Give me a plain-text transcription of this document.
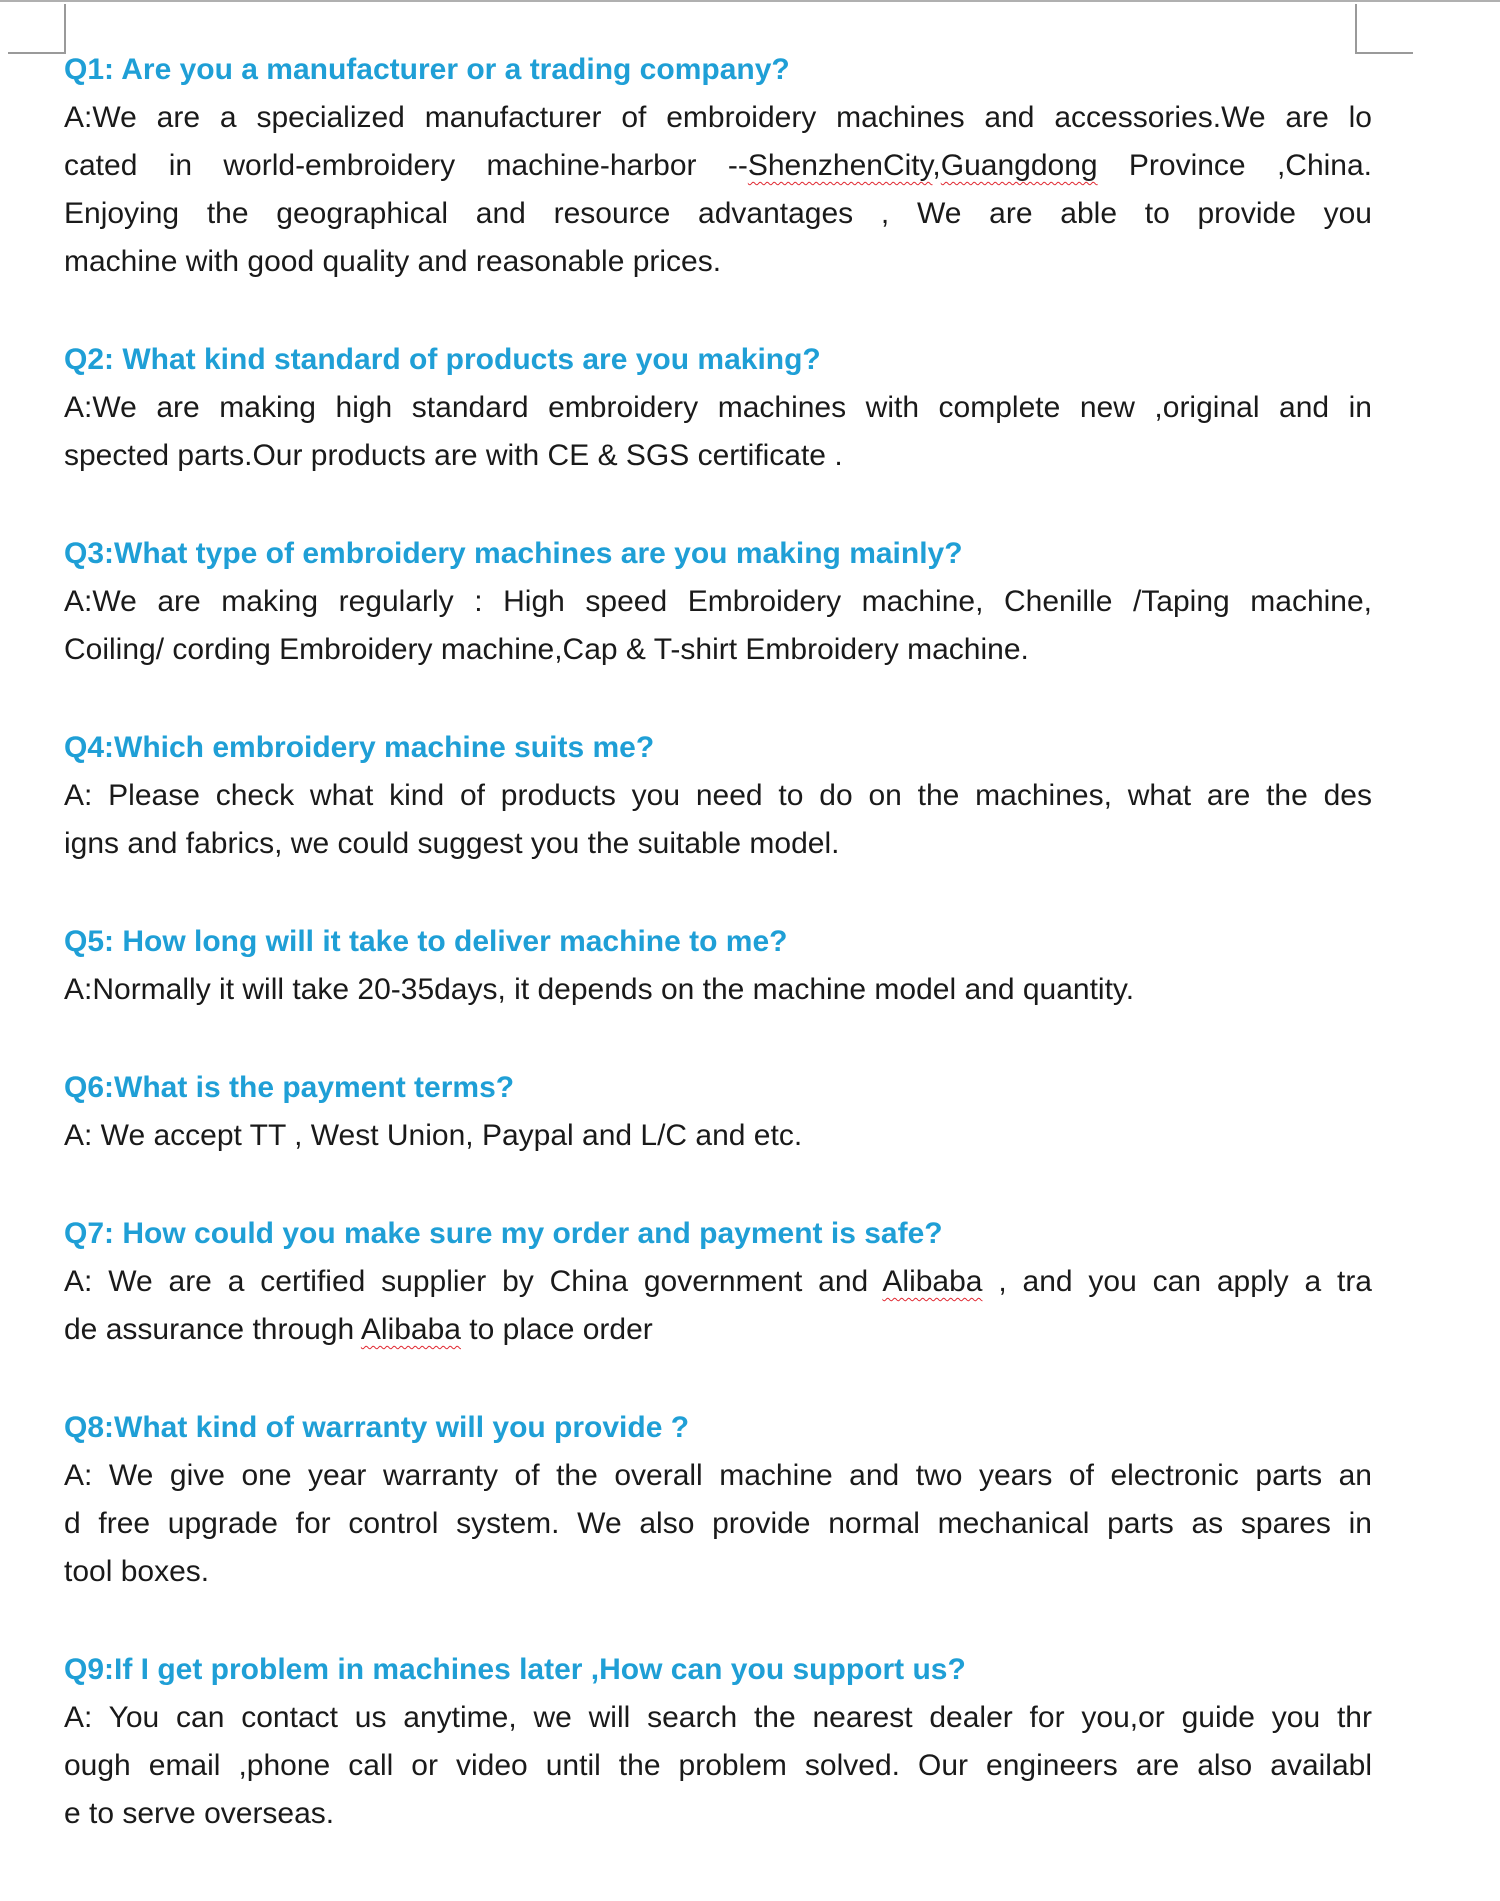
Q1: Are you a manufacturer or a trading company?
A:We are a specialized manufacturer of embroidery machines and accessories.We are lo
cated in world-embroidery machine-harbor --ShenzhenCity,Guangdong Province ,China.
Enjoying the geographical and resource advantages , We are able to provide you
machine with good quality and reasonable prices.
Q2: What kind standard of products are you making?
A:We are making high standard embroidery machines with complete new ,original and in
spected parts.Our products are with CE & SGS certificate .
Q3:What type of embroidery machines are you making mainly?
A:We are making regularly : High speed Embroidery machine, Chenille /Taping machine,
Coiling/ cording Embroidery machine,Cap & T-shirt Embroidery machine.
Q4:Which embroidery machine suits me?
A: Please check what kind of products you need to do on the machines, what are the des
igns and fabrics, we could suggest you the suitable model.
Q5: How long will it take to deliver machine to me?
A:Normally it will take 20-35days, it depends on the machine model and quantity.
Q6:What is the payment terms?
A: We accept TT , West Union, Paypal and L/C and etc.
Q7: How could you make sure my order and payment is safe?
A: We are a certified supplier by China government and Alibaba , and you can apply a tra
de assurance through Alibaba to place order
Q8:What kind of warranty will you provide ?
A: We give one year warranty of the overall machine and two years of electronic parts an
d free upgrade for control system. We also provide normal mechanical parts as spares in
tool boxes.
Q9:If I get problem in machines later ,How can you support us?
A: You can contact us anytime, we will search the nearest dealer for you,or guide you thr
ough email ,phone call or video until the problem solved. Our engineers are also availabl
e to serve overseas.
